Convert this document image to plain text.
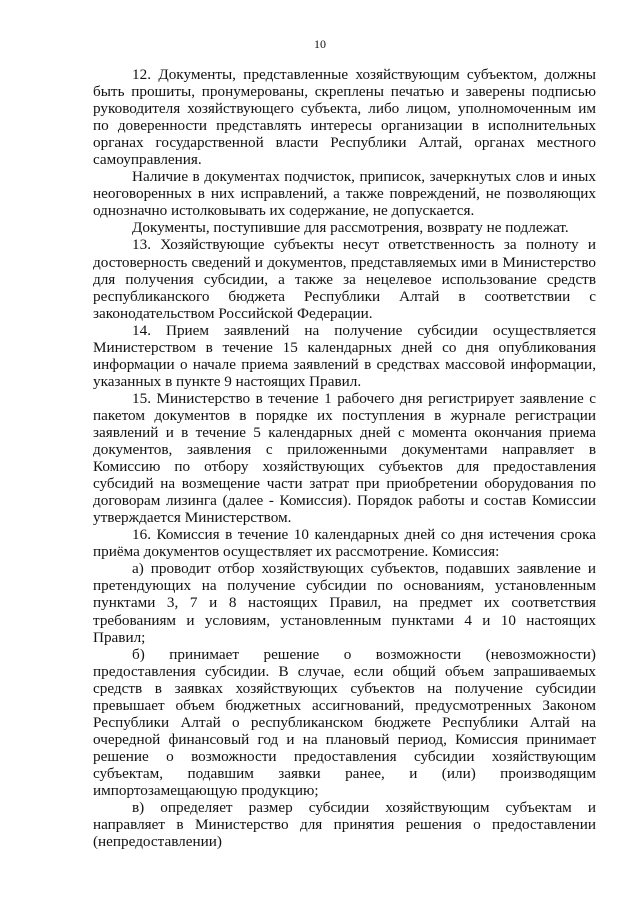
10

12. Документы, представленные хозяйствующим субъектом, должны быть прошиты, пронумерованы, скреплены печатью и заверены подписью руководителя хозяйствующего субъекта, либо лицом, уполномоченным им по доверенности представлять интересы организации в исполнительных органах государственной власти Республики Алтай, органах местного самоуправления.

Наличие в документах подчисток, приписок, зачеркнутых слов и иных неоговоренных в них исправлений, а также повреждений, не позволяющих однозначно истолковывать их содержание, не допускается.

Документы, поступившие для рассмотрения, возврату не подлежат.

13. Хозяйствующие субъекты несут ответственность за полноту и достоверность сведений и документов, представляемых ими в Министерство для получения субсидии, а также за нецелевое использование средств республиканского бюджета Республики Алтай в соответствии с законодательством Российской Федерации.

14. Прием заявлений на получение субсидии осуществляется Министерством в течение 15 календарных дней со дня опубликования информации о начале приема заявлений в средствах массовой информации, указанных в пункте 9 настоящих Правил.

15. Министерство в течение 1 рабочего дня регистрирует заявление с пакетом документов в порядке их поступления в журнале регистрации заявлений и в течение 5 календарных дней с момента окончания приема документов, заявления с приложенными документами направляет в Комиссию по отбору хозяйствующих субъектов для предоставления субсидий на возмещение части затрат при приобретении оборудования по договорам лизинга (далее - Комиссия). Порядок работы и состав Комиссии утверждается Министерством.

16. Комиссия в течение 10 календарных дней со дня истечения срока приёма документов осуществляет их рассмотрение. Комиссия:

а) проводит отбор хозяйствующих субъектов, подавших заявление и претендующих на получение субсидии по основаниям, установленным пунктами 3, 7 и 8 настоящих Правил, на предмет их соответствия требованиям и условиям, установленным пунктами 4 и 10 настоящих Правил;

б) принимает решение о возможности (невозможности) предоставления субсидии. В случае, если общий объем запрашиваемых средств в заявках хозяйствующих субъектов на получение субсидии превышает объем бюджетных ассигнований, предусмотренных Законом Республики Алтай о республиканском бюджете Республики Алтай на очередной финансовый год и на плановый период, Комиссия принимает решение о возможности предоставления субсидии хозяйствующим субъектам, подавшим заявки ранее, и (или) производящим импортозамещающую продукцию;

в) определяет размер субсидии хозяйствующим субъектам и направляет в Министерство для принятия решения о предоставлении (непредоставлении)
